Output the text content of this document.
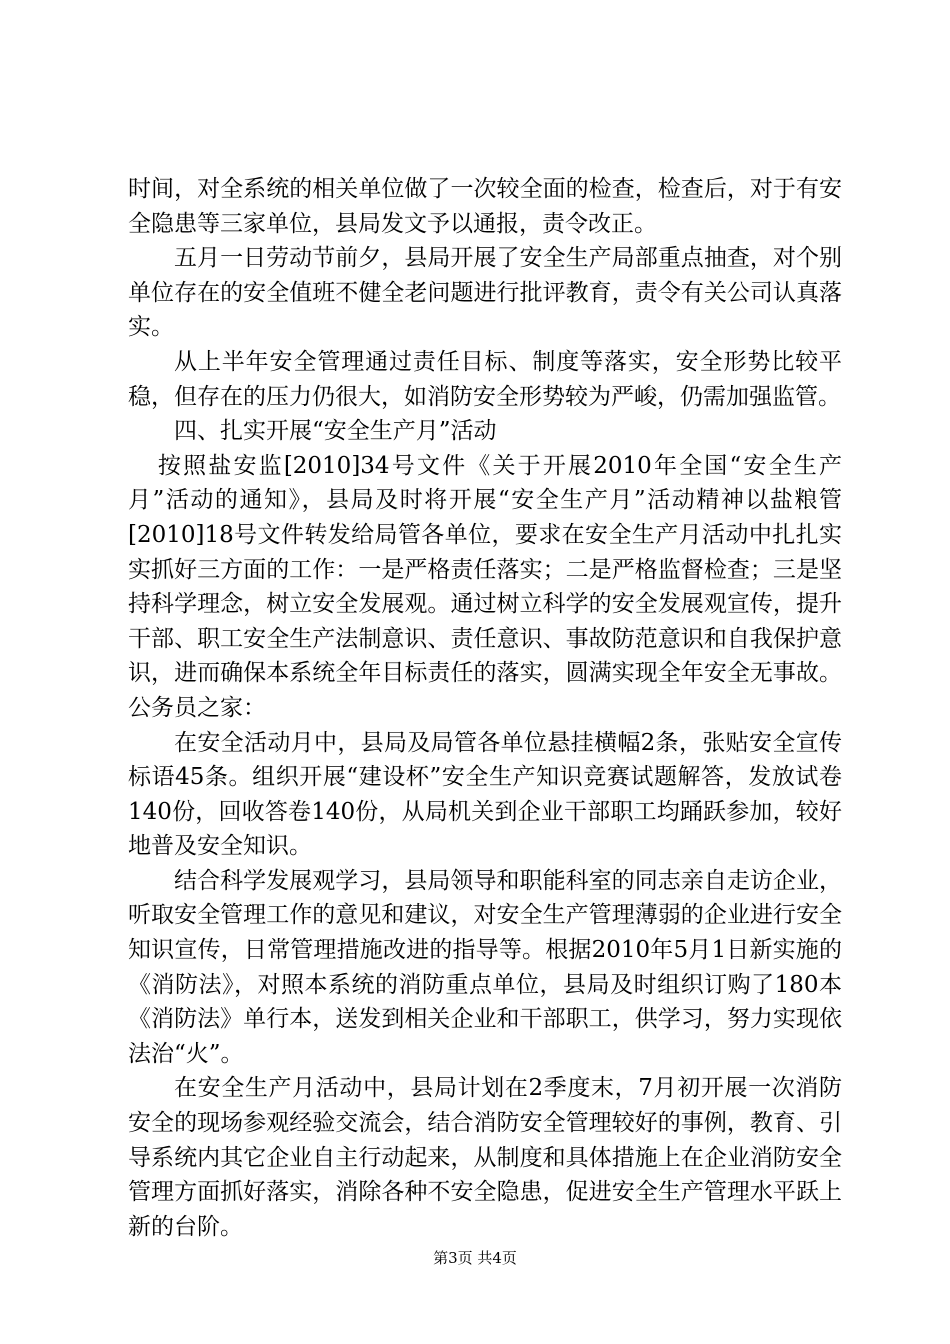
时间，对全系统的相关单位做了一次较全面的检查，检查后，对于有安全隐患等三家单位，县局发文予以通报，责令改正。

五月一日劳动节前夕，县局开展了安全生产局部重点抽查，对个别单位存在的安全值班不健全老问题进行批评教育，责令有关公司认真落实。

从上半年安全管理通过责任目标、制度等落实，安全形势比较平稳，但存在的压力仍很大，如消防安全形势较为严峻，仍需加强监管。

四、扎实开展“安全生产月”活动

按照盐安监[2010]34号文件《关于开展2010年全国“安全生产月”活动的通知》，县局及时将开展“安全生产月”活动精神以盐粮管[2010]18号文件转发给局管各单位，要求在安全生产月活动中扎扎实实抓好三方面的工作：一是严格责任落实；二是严格监督检查；三是坚持科学理念，树立安全发展观。通过树立科学的安全发展观宣传，提升干部、职工安全生产法制意识、责任意识、事故防范意识和自我保护意识，进而确保本系统全年目标责任的落实，圆满实现全年安全无事故。公务员之家：

在安全活动月中，县局及局管各单位悬挂横幅2条，张贴安全宣传标语45条。组织开展“建设杯”安全生产知识竞赛试题解答，发放试卷140份，回收答卷140份，从局机关到企业干部职工均踊跃参加，较好地普及安全知识。

结合科学发展观学习，县局领导和职能科室的同志亲自走访企业，听取安全管理工作的意见和建议，对安全生产管理薄弱的企业进行安全知识宣传，日常管理措施改进的指导等。根据2010年5月1日新实施的《消防法》，对照本系统的消防重点单位，县局及时组织订购了180本《消防法》单行本，送发到相关企业和干部职工，供学习，努力实现依法治“火”。

在安全生产月活动中，县局计划在2季度末，7月初开展一次消防安全的现场参观经验交流会，结合消防安全管理较好的事例，教育、引导系统内其它企业自主行动起来，从制度和具体措施上在企业消防安全管理方面抓好落实，消除各种不安全隐患，促进安全生产管理水平跃上新的台阶。

第3页 共4页
